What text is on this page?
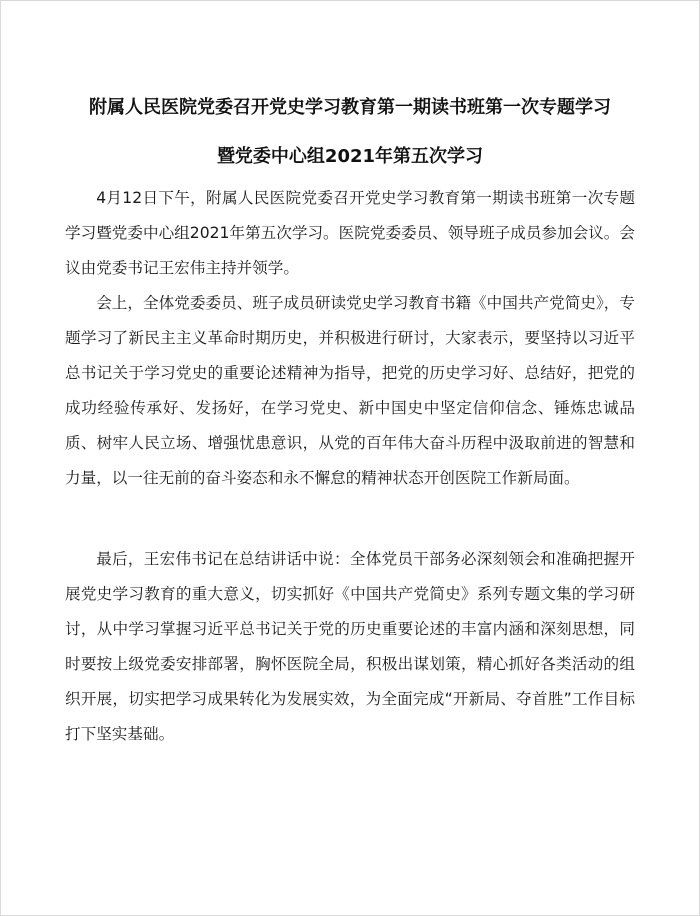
附属人民医院党委召开党史学习教育第一期读书班第一次专题学习
暨党委中心组2021年第五次学习

4月12日下午，附属人民医院党委召开党史学习教育第一期读书班第一次专题学习暨党委中心组2021年第五次学习。医院党委委员、领导班子成员参加会议。会议由党委书记王宏伟主持并领学。

会上，全体党委委员、班子成员研读党史学习教育书籍《中国共产党简史》，专题学习了新民主主义革命时期历史，并积极进行研讨，大家表示，要坚持以习近平总书记关于学习党史的重要论述精神为指导，把党的历史学习好、总结好，把党的成功经验传承好、发扬好，在学习党史、新中国史中坚定信仰信念、锤炼忠诚品质、树牢人民立场、增强忧患意识，从党的百年伟大奋斗历程中汲取前进的智慧和力量，以一往无前的奋斗姿态和永不懈怠的精神状态开创医院工作新局面。

最后，王宏伟书记在总结讲话中说：全体党员干部务必深刻领会和准确把握开展党史学习教育的重大意义，切实抓好《中国共产党简史》系列专题文集的学习研讨，从中学习掌握习近平总书记关于党的历史重要论述的丰富内涵和深刻思想，同时要按上级党委安排部署，胸怀医院全局，积极出谋划策，精心抓好各类活动的组织开展，切实把学习成果转化为发展实效，为全面完成“开新局、夺首胜”工作目标打下坚实基础。
